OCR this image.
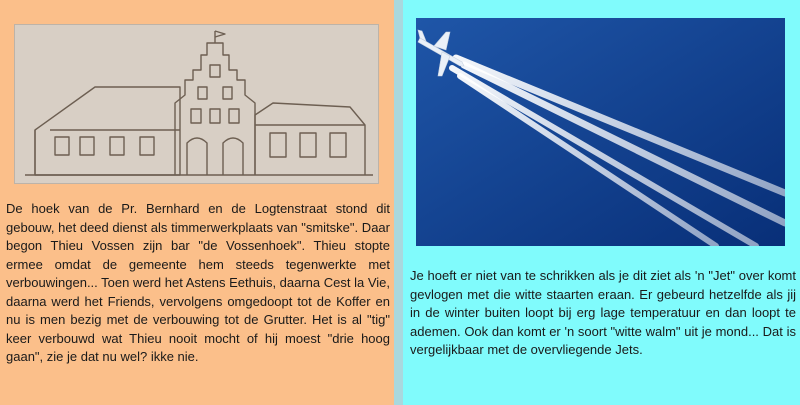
De hoek van de Pr. Bernhard en de Logtenstraat stond dit gebouw, het deed dienst als timmerwerkplaats van "smitske". Daar begon Thieu Vossen zijn bar "de Vossenhoek". Thieu stopte ermee omdat de gemeente hem steeds tegenwerkte met verbouwingen... Toen werd het Astens Eethuis, daarna Cest la Vie, daarna werd het Friends, vervolgens omgedoopt tot de Koffer en nu is men bezig met de verbouwing tot de Grutter. Het is al "tig" keer verbouwd wat Thieu nooit mocht of hij moest "drie hoog gaan", zie je dat nu wel? ikke nie.

Je hoeft er niet van te schrikken als je dit ziet als 'n "Jet" over komt gevlogen met die witte staarten eraan. Er gebeurd hetzelfde als jij in de winter buiten loopt bij erg lage temperatuur en dan loopt te ademen. Ook dan komt er 'n soort "witte walm" uit je mond... Dat is vergelijkbaar met de overvliegende Jets.
